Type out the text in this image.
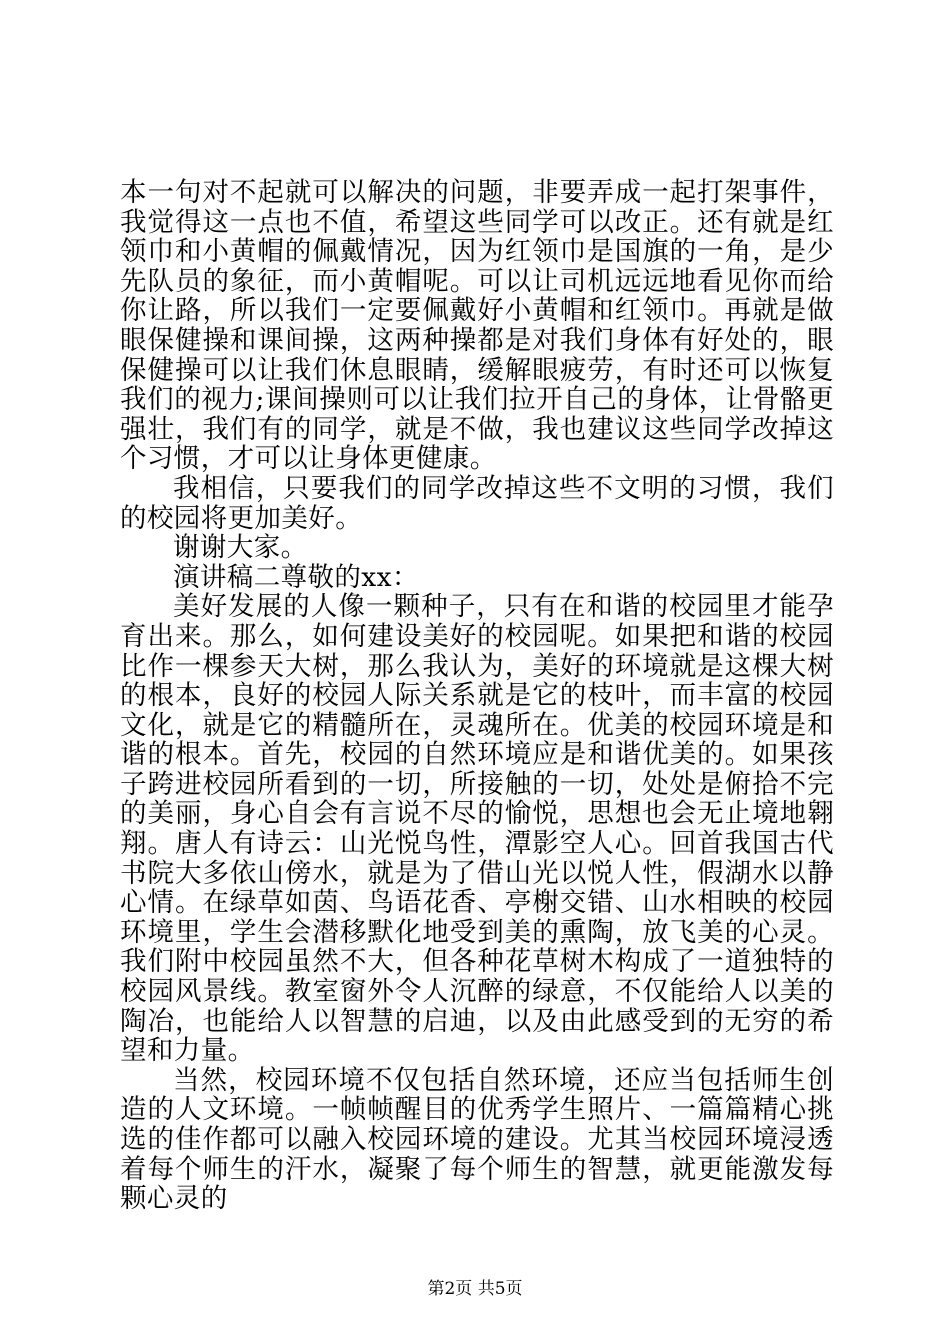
本一句对不起就可以解决的问题，非要弄成一起打架事件，我觉得这一点也不值，希望这些同学可以改正。还有就是红领巾和小黄帽的佩戴情况，因为红领巾是国旗的一角，是少先队员的象征，而小黄帽呢。可以让司机远远地看见你而给你让路，所以我们一定要佩戴好小黄帽和红领巾。再就是做眼保健操和课间操，这两种操都是对我们身体有好处的，眼保健操可以让我们休息眼睛，缓解眼疲劳，有时还可以恢复我们的视力;课间操则可以让我们拉开自己的身体，让骨骼更强壮，我们有的同学，就是不做，我也建议这些同学改掉这个习惯，才可以让身体更健康。

我相信，只要我们的同学改掉这些不文明的习惯，我们的校园将更加美好。

谢谢大家。

演讲稿二尊敬的xx：

美好发展的人像一颗种子，只有在和谐的校园里才能孕育出来。那么，如何建设美好的校园呢。如果把和谐的校园比作一棵参天大树，那么我认为，美好的环境就是这棵大树的根本，良好的校园人际关系就是它的枝叶，而丰富的校园文化，就是它的精髓所在，灵魂所在。优美的校园环境是和谐的根本。首先，校园的自然环境应是和谐优美的。如果孩子跨进校园所看到的一切，所接触的一切，处处是俯拾不完的美丽，身心自会有言说不尽的愉悦，思想也会无止境地翱翔。唐人有诗云：山光悦鸟性，潭影空人心。回首我国古代书院大多依山傍水，就是为了借山光以悦人性，假湖水以静心情。在绿草如茵、鸟语花香、亭榭交错、山水相映的校园环境里，学生会潜移默化地受到美的熏陶，放飞美的心灵。我们附中校园虽然不大，但各种花草树木构成了一道独特的校园风景线。教室窗外令人沉醉的绿意，不仅能给人以美的陶冶，也能给人以智慧的启迪，以及由此感受到的无穷的希望和力量。

当然，校园环境不仅包括自然环境，还应当包括师生创造的人文环境。一帧帧醒目的优秀学生照片、一篇篇精心挑选的佳作都可以融入校园环境的建设。尤其当校园环境浸透着每个师生的汗水，凝聚了每个师生的智慧，就更能激发每颗心灵的

第2页 共5页
